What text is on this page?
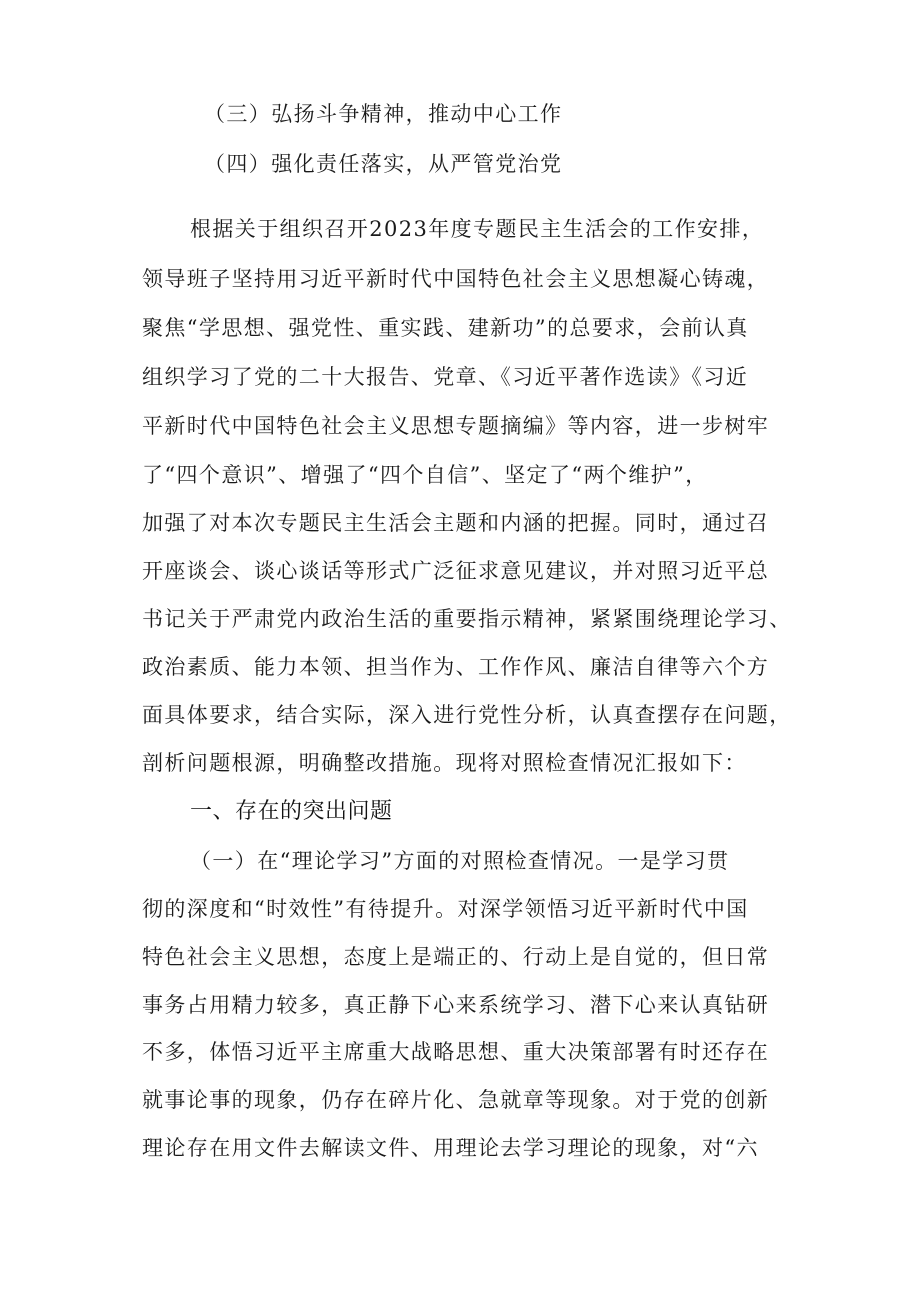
（三）弘扬斗争精神，推动中心工作
（四）强化责任落实，从严管党治党
根据关于组织召开2023年度专题民主生活会的工作安排，
领导班子坚持用习近平新时代中国特色社会主义思想凝心铸魂，
聚焦“学思想、强党性、重实践、建新功”的总要求，会前认真
组织学习了党的二十大报告、党章、《习近平著作选读》《习近
平新时代中国特色社会主义思想专题摘编》等内容，进一步树牢
了“四个意识”、增强了“四个自信”、坚定了“两个维护”，
加强了对本次专题民主生活会主题和内涵的把握。同时，通过召
开座谈会、谈心谈话等形式广泛征求意见建议，并对照习近平总
书记关于严肃党内政治生活的重要指示精神，紧紧围绕理论学习、
政治素质、能力本领、担当作为、工作作风、廉洁自律等六个方
面具体要求，结合实际，深入进行党性分析，认真查摆存在问题，
剖析问题根源，明确整改措施。现将对照检查情况汇报如下：
一、存在的突出问题
（一）在“理论学习”方面的对照检查情况。一是学习贯
彻的深度和“时效性”有待提升。对深学领悟习近平新时代中国
特色社会主义思想，态度上是端正的、行动上是自觉的，但日常
事务占用精力较多，真正静下心来系统学习、潜下心来认真钻研
不多，体悟习近平主席重大战略思想、重大决策部署有时还存在
就事论事的现象，仍存在碎片化、急就章等现象。对于党的创新
理论存在用文件去解读文件、用理论去学习理论的现象，对“六
